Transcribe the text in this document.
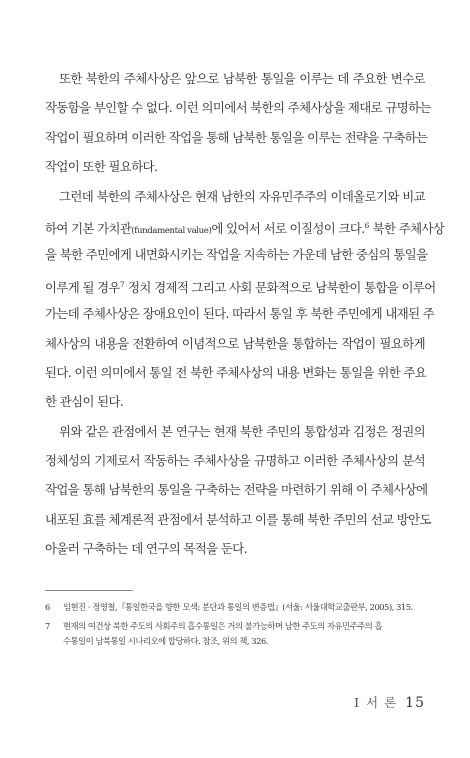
또한 북한의 주체사상은 앞으로 남북한 통일을 이루는 데 주요한 변수로
작동함을 부인할 수 없다. 이런 의미에서 북한의 주체사상을 제대로 규명하는
작업이 필요하며 이러한 작업을 통해 남북한 통일을 이루는 전략을 구축하는
작업이 또한 필요하다.
그런데 북한의 주체사상은 현재 남한의 자유민주주의 이데올로기와 비교
하여 기본 가치관(fundamental value)에 있어서 서로 이질성이 크다.$^6$ 북한 주체사상
을 북한 주민에게 내면화시키는 작업을 지속하는 가운데 남한 중심의 통일을
이루게 될 경우$^7$ 정치 경제적 그리고 사회 문화적으로 남북한이 통합을 이루어
가는데 주체사상은 장애요인이 된다. 따라서 통일 후 북한 주민에게 내재된 주
체사상의 내용을 전환하여 이념적으로 남북한을 통합하는 작업이 필요하게
된다. 이런 의미에서 통일 전 북한 주체사상의 내용 변화는 통일을 위한 주요
한 관심이 된다.
위와 같은 관점에서 본 연구는 현재 북한 주민의 통합성과 김정은 정권의
정체성의 기제로서 작동하는 주체사상을 규명하고 이러한 주체사상의 분석
작업을 통해 남북한의 통일을 구축하는 전략을 마련하기 위해 이 주체사상에
내포된 효를 체계론적 관점에서 분석하고 이를 통해 북한 주민의 선교 방안도
아울러 구축하는 데 연구의 목적을 둔다.
6 임현진 · 정영철,『통일한국을 향한 모색: 분단과 통일의 변증법』(서울: 서울대학교출판부, 2005), 315.
7 현재의 여건상 북한 주도의 사회주의 흡수통일은 거의 불가능하며 남한 주도의 자유민주주의 흡
수통일이 남북통일 시나리오에 합당하다. 참조, 위의 책, 326.
I 서 론 15
